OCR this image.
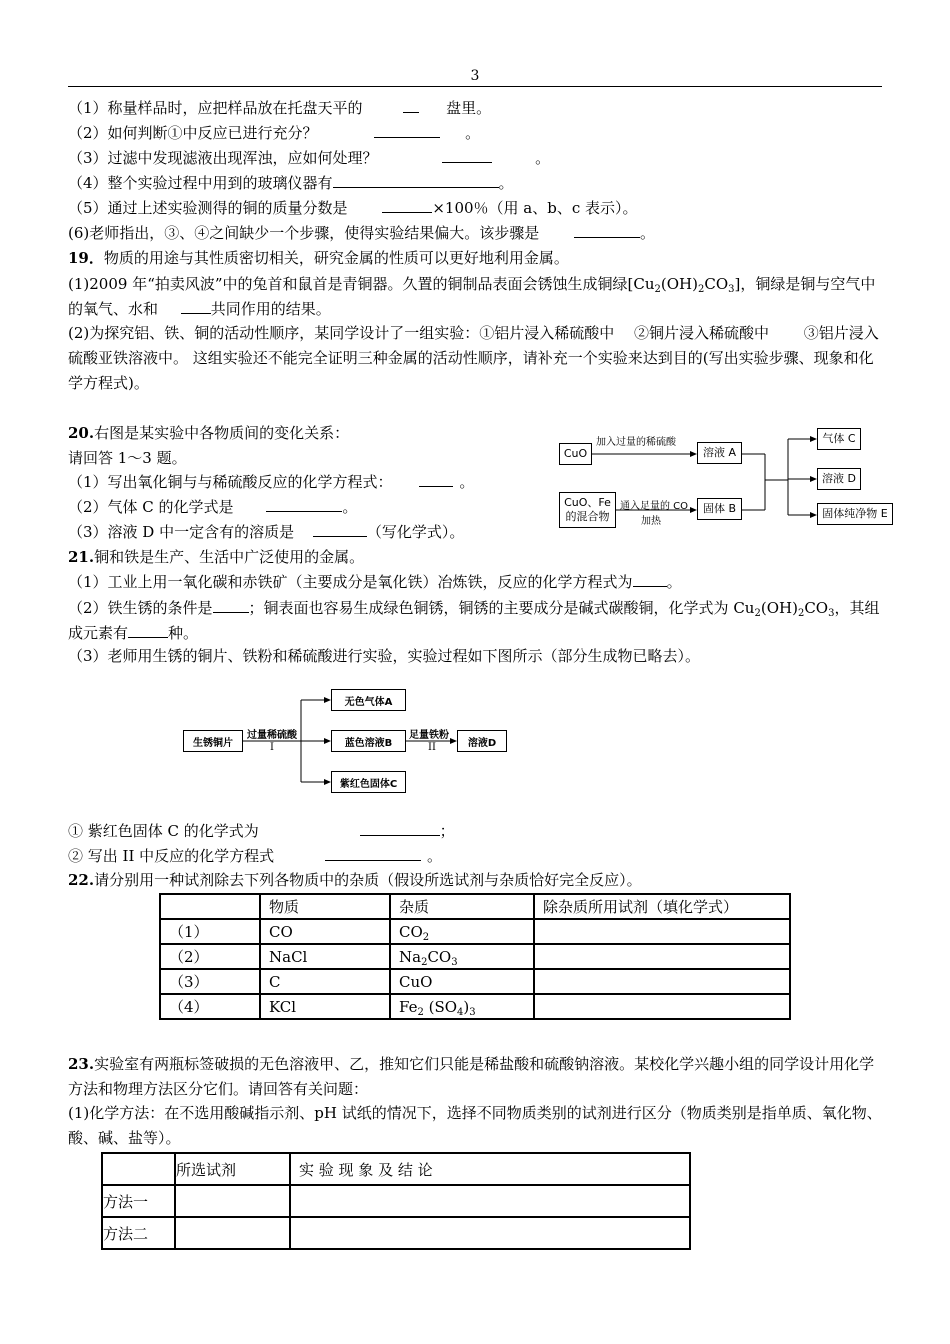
3
（1）称量样品时，应把样品放在托盘天平的	盘里。
（2）如何判断①中反应已进行充分？	。
（3）过滤中发现滤液出现浑浊，应如何处理？	。
（4）整个实验过程中用到的玻璃仪器有	。
（5）通过上述实验测得的铜的质量分数是	×100％（用 a、b、c 表示）。
(6)老师指出，③、④之间缺少一个步骤，使得实验结果偏大。该步骤是	。
19．物质的用途与其性质密切相关，研究金属的性质可以更好地利用金属。
(1)2009 年“拍卖风波”中的兔首和鼠首是青铜器。久置的铜制品表面会锈蚀生成铜绿$[Cu_2(OH)_2CO_3]$，铜绿是铜与空气中的氧气、水和	共同作用的结果。
(2)为探究铝、铁、铜的活动性顺序，某同学设计了一组实验：①铝片浸入稀硫酸中　 ②铜片浸入稀硫酸中　 　③铝片浸入硫酸亚铁溶液中。 这组实验还不能完全证明三种金属的活动性顺序，请补充一个实验来达到目的(写出实验步骤、现象和化学方程式)。
20.右图是某实验中各物质间的变化关系：
请回答 1～3 题。
（1）写出氧化铜与与稀硫酸反应的化学方程式：	。
（2）气体 C 的化学式是	。
（3）溶液 D 中一定含有的溶质是	（写化学式）。
CuO
CuO、Fe 的混合物
溶液 A
固体 B
气体 C
溶液 D
固体纯净物 E
加入过量的稀硫酸
通入足量的 CO
加热
21.铜和铁是生产、生活中广泛使用的金属。
（1）工业上用一氧化碳和赤铁矿（主要成分是氧化铁）冶炼铁，反应的化学方程式为 。
（2）铁生锈的条件是 ；铜表面也容易生成绿色铜锈，铜锈的主要成分是碱式碳酸铜，化学式为 $Cu_2(OH)_2CO_3$，其组成元素有	种。
（3）老师用生锈的铜片、铁粉和稀硫酸进行实验，实验过程如下图所示（部分生成物已略去）。
生锈铜片
无色气体A
蓝色溶液B
紫红色固体C
溶液D
过量稀硫酸
I
足量铁粉
II
① 紫红色固体 C 的化学式为	；
② 写出 II 中反应的化学方程式	。
22.请分别用一种试剂除去下列各物质中的杂质（假设所选试剂与杂质恰好完全反应）。
	物质	杂质	除杂质所用试剂（填化学式）
（1）	CO	$CO_2$	
（2）	NaCl	$Na_2CO_3$	
（3）	C	CuO	
（4）	KCl	$Fe_2$ $(SO_4)_3$	
23.实验室有两瓶标签破损的无色溶液甲、乙，推知它们只能是稀盐酸和硫酸钠溶液。某校化学兴趣小组的同学设计用化学方法和物理方法区分它们。请回答有关问题：
(1)化学方法：在不选用酸碱指示剂、pH 试纸的情况下，选择不同物质类别的试剂进行区分（物质类别是指单质、氧化物、酸、碱、盐等）。
	所选试剂	实 验 现 象 及 结 论
方法一		
方法二		
